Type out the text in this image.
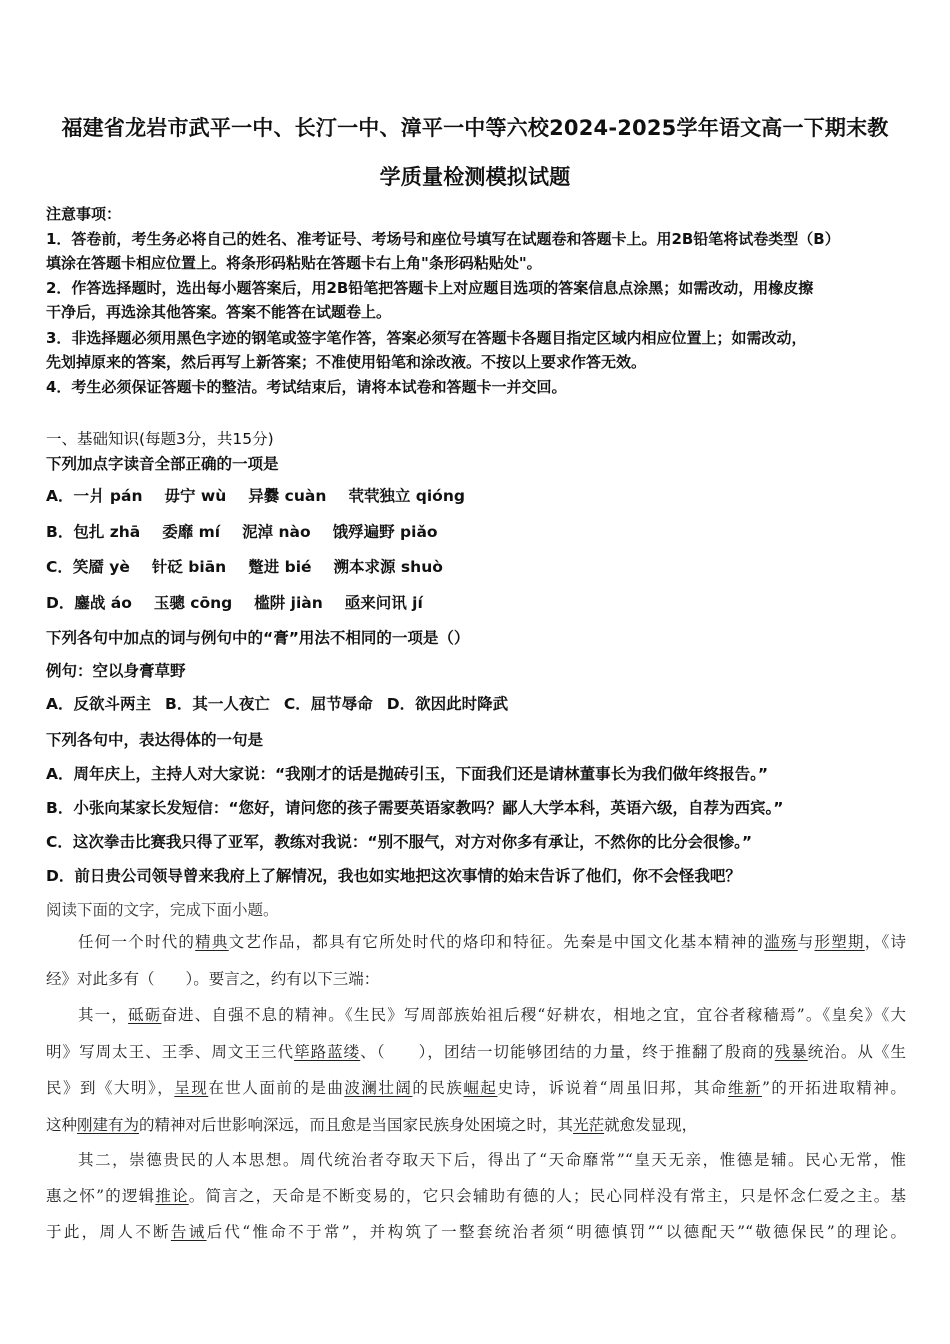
福建省龙岩市武平一中、长汀一中、漳平一中等六校2024-2025学年语文高一下期末教
学质量检测模拟试题
注意事项：
1．答卷前，考生务必将自己的姓名、准考证号、考场号和座位号填写在试题卷和答题卡上。用2B铅笔将试卷类型（B）
填涂在答题卡相应位置上。将条形码粘贴在答题卡右上角"条形码粘贴处"。
2．作答选择题时，选出每小题答案后，用2B铅笔把答题卡上对应题目选项的答案信息点涂黑；如需改动，用橡皮擦
干净后，再选涂其他答案。答案不能答在试题卷上。
3．非选择题必须用黑色字迹的钢笔或签字笔作答，答案必须写在答题卡各题目指定区域内相应位置上；如需改动，
先划掉原来的答案，然后再写上新答案；不准使用铅笔和涂改液。不按以上要求作答无效。
4．考生必须保证答题卡的整洁。考试结束后，请将本试卷和答题卡一并交回。
一、基础知识(每题3分，共15分)
下列加点字读音全部正确的一项是
A．一爿 pán 毋宁 wù 异爨 cuàn 茕茕独立 qióng
B．包扎 zhā 委靡 mí 泥淖 nào 饿殍遍野 piǎo
C．笑靥 yè 针砭 biān 蹩进 bié 溯本求源 shuò
D．鏖战 áo 玉骢 cōng 槛阱 jiàn 亟来问讯 jí
下列各句中加点的词与例句中的“膏”用法不相同的一项是（）
例句：空以身膏草野
A．反欲斗两主 B．其一人夜亡 C．屈节辱命 D．欲因此时降武
下列各句中，表达得体的一句是
A．周年庆上，主持人对大家说：“我刚才的话是抛砖引玉，下面我们还是请林董事长为我们做年终报告。”
B．小张向某家长发短信：“您好，请问您的孩子需要英语家教吗？鄙人大学本科，英语六级，自荐为西宾。”
C．这次拳击比赛我只得了亚军，教练对我说：“别不服气，对方对你多有承让，不然你的比分会很惨。”
D．前日贵公司领导曾来我府上了解情况，我也如实地把这次事情的始末告诉了他们，你不会怪我吧？
阅读下面的文字，完成下面小题。
任何一个时代的精典文艺作品，都具有它所处时代的烙印和特征。先秦是中国文化基本精神的滥殇与形塑期，《诗
经》对此多有（　　）。要言之，约有以下三端：
其一，砥砺奋进、自强不息的精神。《生民》写周部族始祖后稷“好耕农，相地之宜，宜谷者稼穑焉”。《皇矣》《大
明》写周太王、王季、周文王三代筚路蓝缕、（　　），团结一切能够团结的力量，终于推翻了殷商的残暴统治。从《生
民》到《大明》，呈现在世人面前的是曲波澜壮阔的民族崛起史诗，诉说着“周虽旧邦，其命维新”的开拓进取精神。
这种刚建有为的精神对后世影响深远，而且愈是当国家民族身处困境之时，其光茫就愈发显现，
其二，崇德贵民的人本思想。周代统治者夺取天下后，得出了“天命靡常”“皇天无亲，惟德是辅。民心无常，惟
惠之怀”的逻辑推论。简言之，天命是不断变易的，它只会辅助有德的人；民心同样没有常主，只是怀念仁爱之主。基
于此，周人不断告诫后代“惟命不于常”，并构筑了一整套统治者须“明德慎罚”“以德配天”“敬德保民”的理论。
